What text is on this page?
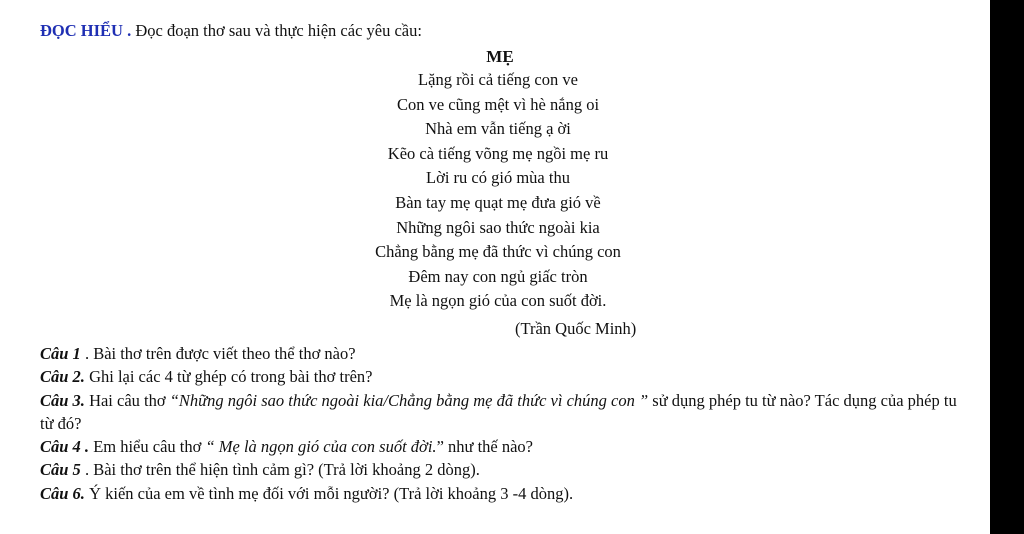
ĐỌC HIỂU . Đọc đoạn thơ sau và thực hiện các yêu cầu:
MẸ
Lặng rồi cả tiếng con ve
Con ve cũng mệt vì hè nắng oi
Nhà em vẫn tiếng ạ ời
Kẽo cà tiếng võng mẹ ngồi mẹ ru
Lời ru có gió mùa thu
Bàn tay mẹ quạt mẹ đưa gió về
Những ngôi sao thức ngoài kia
Chẳng bằng mẹ đã thức vì chúng con
Đêm nay con ngủ giấc tròn
Mẹ là ngọn gió của con suốt đời.
(Trần Quốc Minh)
Câu 1 . Bài thơ trên được viết theo thể thơ nào?
Câu 2. Ghi lại các 4 từ ghép có trong bài thơ trên?
Câu 3. Hai câu thơ “Những ngôi sao thức ngoài kia/Chẳng bằng mẹ đã thức vì chúng con ” sử dụng phép tu từ nào? Tác dụng của phép tu từ đó?
Câu 4 . Em hiểu câu thơ “ Mẹ là ngọn gió của con suốt đời.” như thế nào?
Câu 5 . Bài thơ trên thể hiện tình cảm gì? (Trả lời khoảng 2 dòng).
Câu 6. Ý kiến của em về tình mẹ đối với mỗi người? (Trả lời khoảng 3 -4 dòng).
